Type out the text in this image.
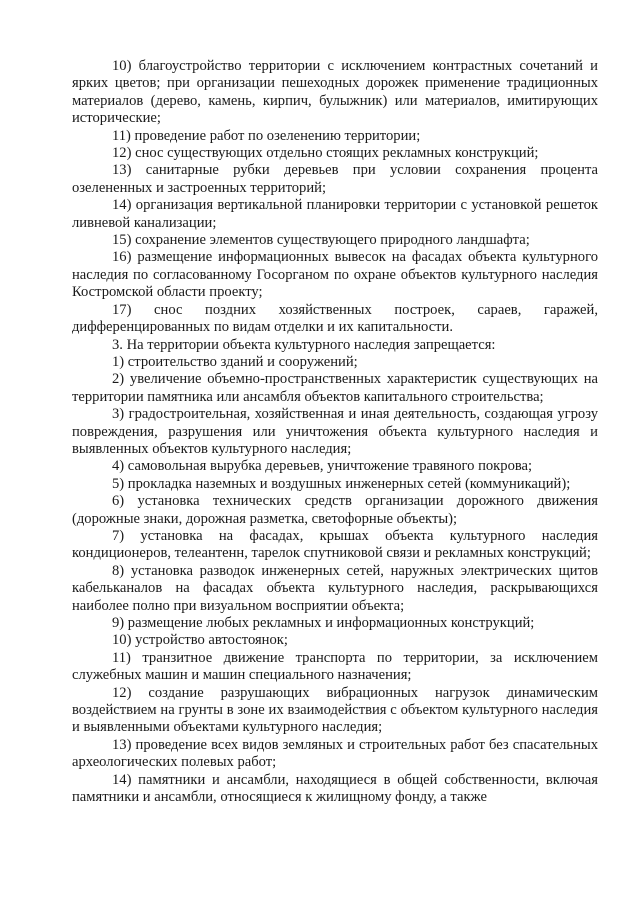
10) благоустройство территории с исключением контрастных сочетаний и ярких цветов; при организации пешеходных дорожек применение традиционных материалов (дерево, камень, кирпич, булыжник) или материалов, имитирующих исторические;

11) проведение работ по озеленению территории;

12) снос существующих отдельно стоящих рекламных конструкций;

13) санитарные рубки деревьев при условии сохранения процента озелененных и застроенных территорий;

14) организация вертикальной планировки территории с установкой решеток ливневой канализации;

15) сохранение элементов существующего природного ландшафта;

16) размещение информационных вывесок на фасадах объекта культурного наследия по согласованному Госорганом по охране объектов культурного наследия Костромской области проекту;

17) снос поздних хозяйственных построек, сараев, гаражей, дифференцированных по видам отделки и их капитальности.

3. На территории объекта культурного наследия запрещается:

1) строительство зданий и сооружений;

2) увеличение объемно-пространственных характеристик существующих на территории памятника или ансамбля объектов капитального строительства;

3) градостроительная, хозяйственная и иная деятельность, создающая угрозу повреждения, разрушения или уничтожения объекта культурного наследия и выявленных объектов культурного наследия;

4) самовольная вырубка деревьев, уничтожение травяного покрова;

5) прокладка наземных и воздушных инженерных сетей (коммуникаций);

6) установка технических средств организации дорожного движения (дорожные знаки, дорожная разметка, светофорные объекты);

7) установка на фасадах, крышах объекта культурного наследия кондиционеров, телеантенн, тарелок спутниковой связи и рекламных конструкций;

8) установка разводок инженерных сетей, наружных электрических щитов кабельканалов на фасадах объекта культурного наследия, раскрывающихся наиболее полно при визуальном восприятии объекта;

9) размещение любых рекламных и информационных конструкций;

10) устройство автостоянок;

11) транзитное движение транспорта по территории, за исключением служебных машин и машин специального назначения;

12) создание разрушающих вибрационных нагрузок динамическим воздействием на грунты в зоне их взаимодействия с объектом культурного наследия и выявленными объектами культурного наследия;

13) проведение всех видов земляных и строительных работ без спасательных археологических полевых работ;

14) памятники и ансамбли, находящиеся в общей собственности, включая памятники и ансамбли, относящиеся к жилищному фонду, а также
